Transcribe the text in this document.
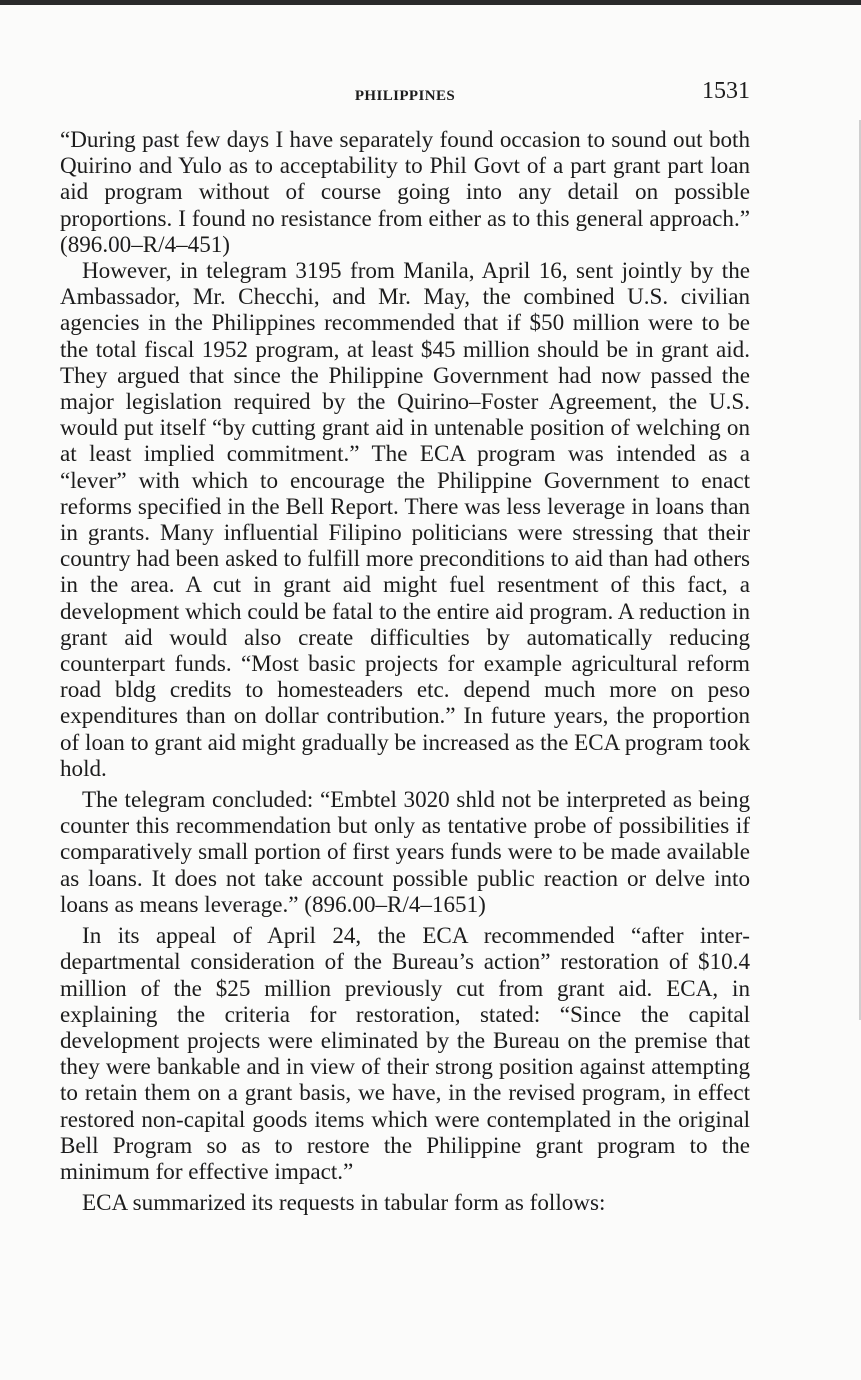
PHILIPPINES	1531

“During past few days I have separately found occasion to sound out both Quirino and Yulo as to acceptability to Phil Govt of a part grant part loan aid program without of course going into any detail on possible proportions. I found no resistance from either as to this general approach.” (896.00–R/4–451)

However, in telegram 3195 from Manila, April 16, sent jointly by the Ambassador, Mr. Checchi, and Mr. May, the combined U.S. civilian agencies in the Philippines recommended that if $50 million were to be the total fiscal 1952 program, at least $45 million should be in grant aid. They argued that since the Philippine Government had now passed the major legislation required by the Quirino–Foster Agreement, the U.S. would put itself “by cutting grant aid in untenable position of welching on at least implied commitment.” The ECA program was intended as a “lever” with which to encourage the Philippine Government to enact reforms specified in the Bell Report. There was less leverage in loans than in grants. Many influential Filipino politicians were stressing that their country had been asked to fulfill more preconditions to aid than had others in the area. A cut in grant aid might fuel resentment of this fact, a development which could be fatal to the entire aid program. A reduction in grant aid would also create difficulties by automatically reducing counterpart funds. “Most basic projects for example agricultural reform road bldg credits to homesteaders etc. depend much more on peso expenditures than on dollar contribution.” In future years, the proportion of loan to grant aid might gradually be increased as the ECA program took hold.

The telegram concluded: “Embtel 3020 shld not be interpreted as being counter this recommendation but only as tentative probe of possibilities if comparatively small portion of first years funds were to be made available as loans. It does not take account possible public reaction or delve into loans as means leverage.” (896.00–R/4–1651)

In its appeal of April 24, the ECA recommended “after interdepartmental consideration of the Bureau’s action” restoration of $10.4 million of the $25 million previously cut from grant aid. ECA, in explaining the criteria for restoration, stated: “Since the capital development projects were eliminated by the Bureau on the premise that they were bankable and in view of their strong position against attempting to retain them on a grant basis, we have, in the revised program, in effect restored non-capital goods items which were contemplated in the original Bell Program so as to restore the Philippine grant program to the minimum for effective impact.”

ECA summarized its requests in tabular form as follows:
